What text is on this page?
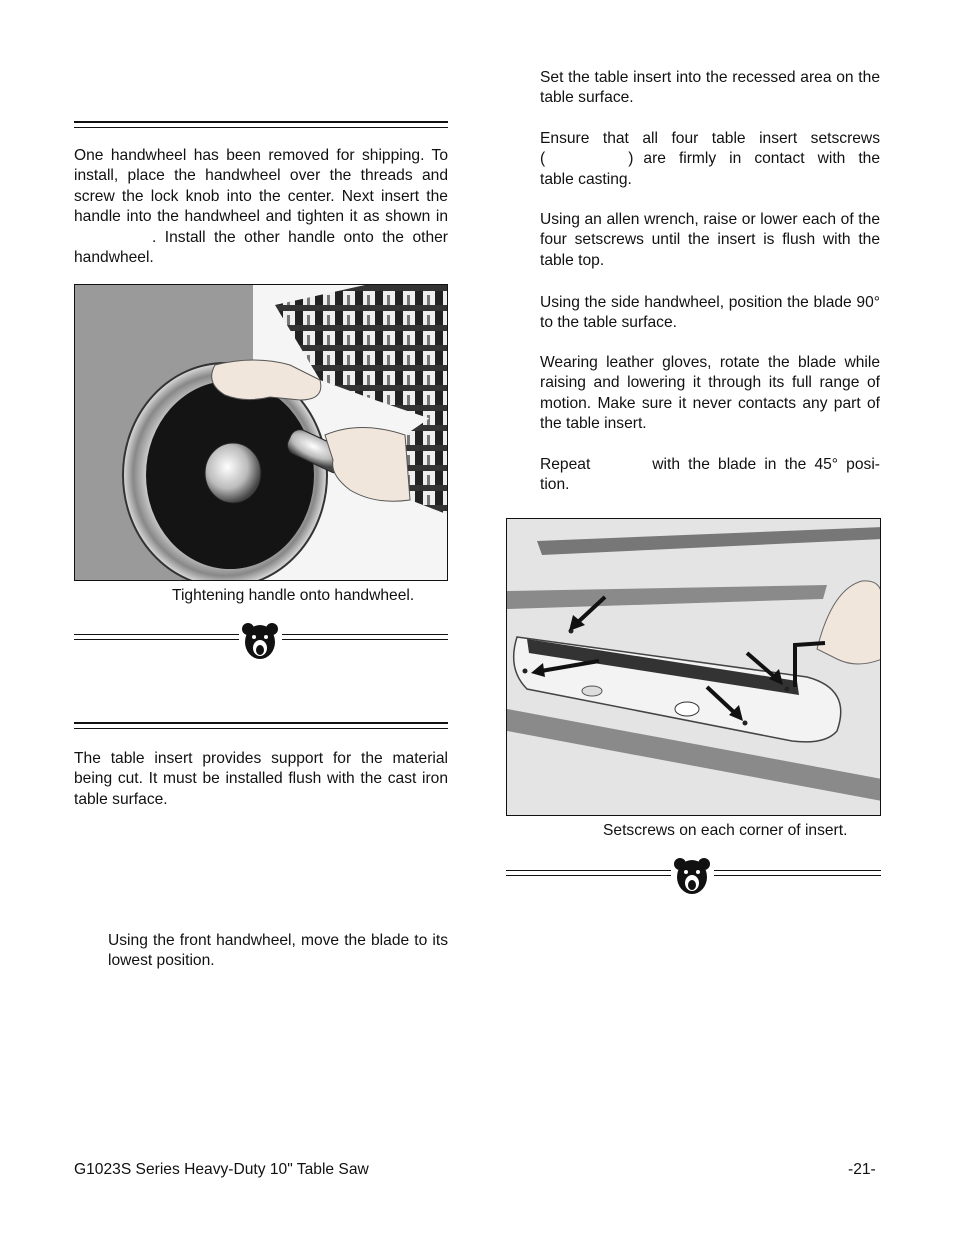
One handwheel has been removed for shipping. To install, place the handwheel over the threads and screw the lock knob into the center. Next insert the handle into the handwheel and tighten it as shown in. Install the other handle onto the other handwheel.

Tightening handle onto handwheel.

The table insert provides support for the material being cut. It must be installed flush with the cast iron table surface.

Using the front handwheel, move the blade to its lowest position.

Set the table insert into the recessed area on the table surface.

Ensure that all four table insert setscrews

(	) are firmly in contact with the

table casting.

Using an allen wrench, raise or lower each of the four setscrews until the insert is flush with the table top.

Using the side handwheel, position the blade 90° to the table surface.

Wearing leather gloves, rotate the blade while raising and lowering it through its full range of motion. Make sure it never contacts any part of the table insert.

Repeat	with the blade in the 45° posi-

tion.

Setscrews on each corner of insert.
G1023S Series Heavy-Duty 10" Table Saw	-21-
